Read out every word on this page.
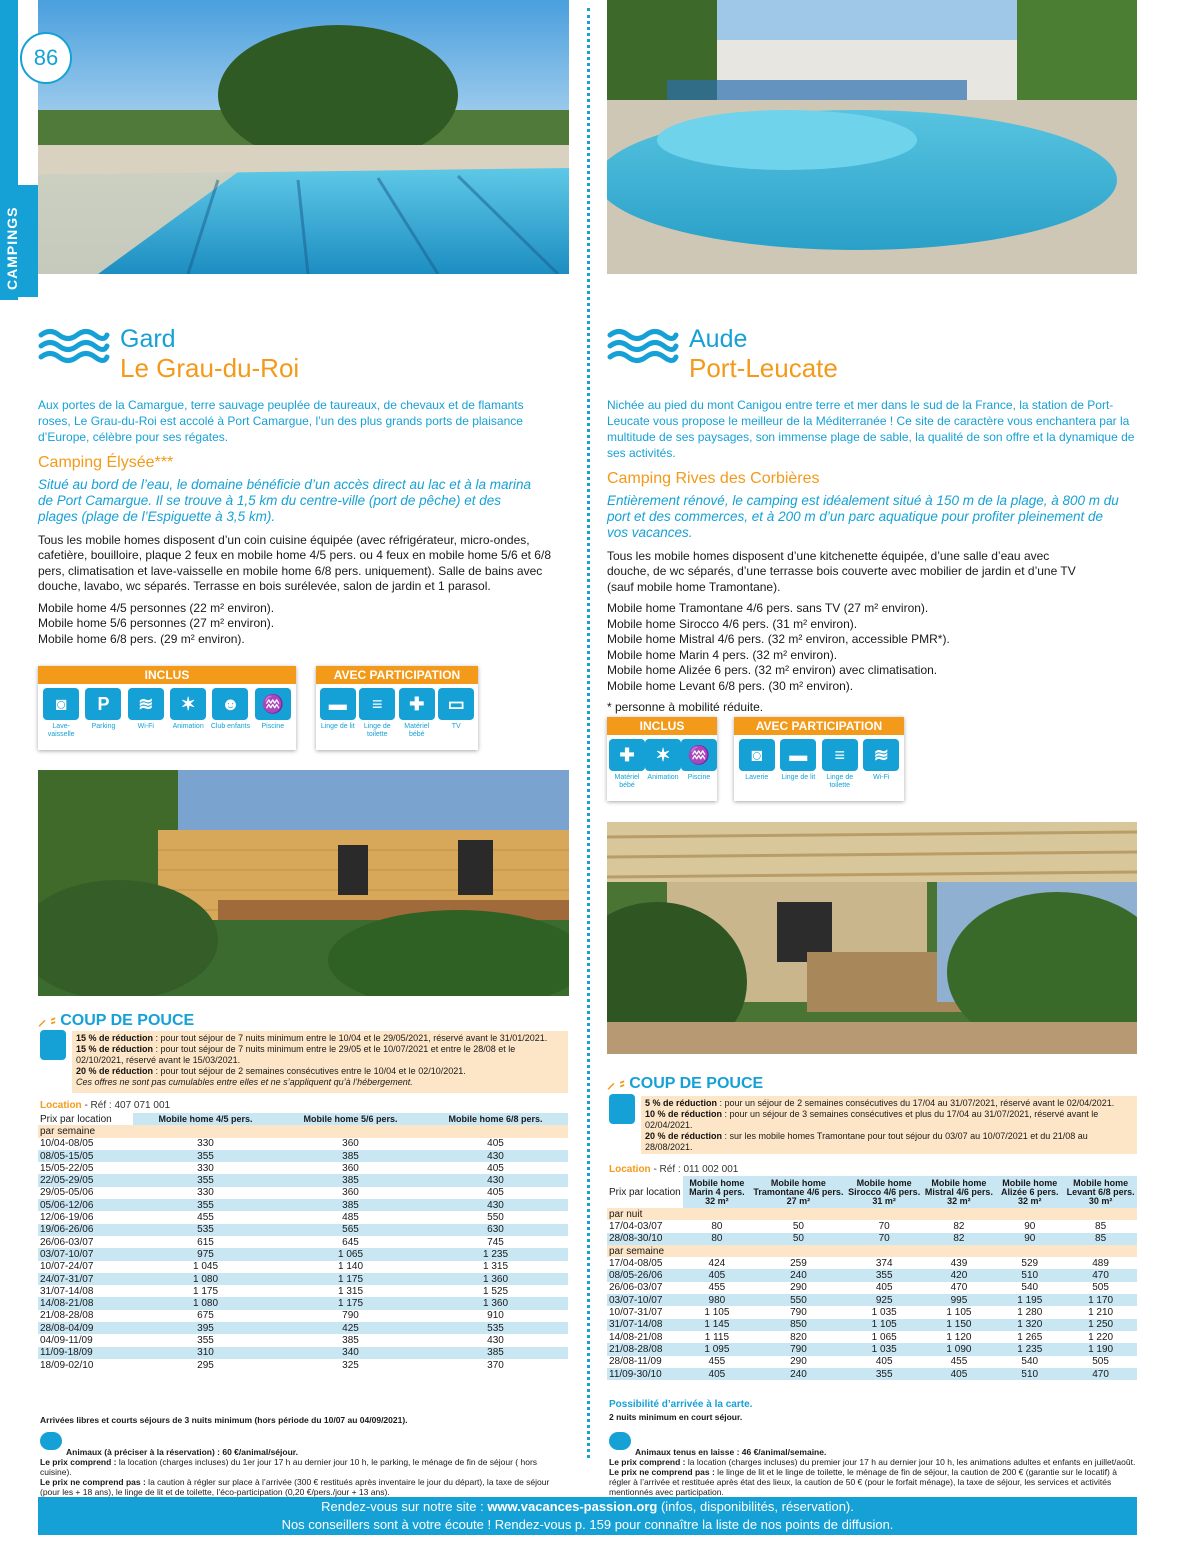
CAMPINGS
86
Gard
Le Grau-du-Roi
Aux portes de la Camargue, terre sauvage peuplée de taureaux, de chevaux et de flamants roses, Le Grau-du-Roi est accolé à Port Camargue, l’un des plus grands ports de plaisance d’Europe, célèbre pour ses régates.
Camping Élysée***
Situé au bord de l’eau, le domaine bénéficie d’un accès direct au lac et à la marina de Port Camargue. Il se trouve à 1,5 km du centre-ville (port de pêche) et des plages (plage de l’Espiguette à 3,5 km).

Tous les mobile homes disposent d’un coin cuisine équipée (avec réfrigérateur, micro-ondes, cafetière, bouilloire, plaque 2 feux en mobile home 4/5 pers. ou 4 feux en mobile home 5/6 et 6/8 pers, climatisation et lave-vaisselle en mobile home 6/8 pers. uniquement). Salle de bains avec douche, lavabo, wc séparés. Terrasse en bois surélevée, salon de jardin et 1 parasol.

Mobile home 4/5 personnes (22 m² environ).
Mobile home 5/6 personnes (27 m² environ).
Mobile home 6/8 pers. (29 m² environ).
INCLUS
◙
Lave-vaisselle
P
Parking
≋
Wi-Fi
✶
Animation
☻
Club enfants
♒
Piscine
AVEC PARTICIPATION
▬
Linge de lit
≡
Linge de toilette
✚
Matériel bébé
▭
TV
⸝ ⸗ COUP DE POUCE
15 % de réduction : pour tout séjour de 7 nuits minimum entre le 10/04 et le 29/05/2021, réservé avant le 31/01/2021.
15 % de réduction : pour tout séjour de 7 nuits minimum entre le 29/05 et le 10/07/2021 et entre le 28/08 et le 02/10/2021, réservé avant le 15/03/2021.
20 % de réduction : pour tout séjour de 2 semaines consécutives entre le 10/04 et le 02/10/2021.
Ces offres ne sont pas cumulables entre elles et ne s’appliquent qu’à l’hébergement.
Location - Réf : 407 071 001
Prix par location	Mobile home 4/5 pers.	Mobile home 5/6 pers.	Mobile home 6/8 pers.
par semaine			
10/04-08/05	330	360	405
08/05-15/05	355	385	430
15/05-22/05	330	360	405
22/05-29/05	355	385	430
29/05-05/06	330	360	405
05/06-12/06	355	385	430
12/06-19/06	455	485	550
19/06-26/06	535	565	630
26/06-03/07	615	645	745
03/07-10/07	975	1 065	1 235
10/07-24/07	1 045	1 140	1 315
24/07-31/07	1 080	1 175	1 360
31/07-14/08	1 175	1 315	1 525
14/08-21/08	1 080	1 175	1 360
21/08-28/08	675	790	910
28/08-04/09	395	425	535
04/09-11/09	355	385	430
11/09-18/09	310	340	385
18/09-02/10	295	325	370
Arrivées libres et courts séjours de 3 nuits minimum (hors période du 10/07 au 04/09/2021).
Animaux (à préciser à la réservation) : 60 €/animal/séjour.
Le prix comprend : la location (charges incluses) du 1er jour 17 h au dernier jour 10 h, le parking, le ménage de fin de séjour ( hors cuisine).
Le prix ne comprend pas : la caution à régler sur place à l’arrivée (300 € restitués après inventaire le jour du départ), la taxe de séjour (pour les + 18 ans), le linge de lit et de toilette, l’éco-participation (0,20 €/pers./jour + 13 ans).
Aude
Port-Leucate
Nichée au pied du mont Canigou entre terre et mer dans le sud de la France, la station de Port-Leucate vous propose le meilleur de la Méditerranée ! Ce site de caractère vous enchantera par la multitude de ses paysages, son immense plage de sable, la qualité de son offre et la dynamique de ses activités.
Camping Rives des Corbières
Entièrement rénové, le camping est idéalement situé à 150 m de la plage, à 800 m du port et des commerces, et à 200 m d’un parc aquatique pour profiter pleinement de vos vacances.

Tous les mobile homes disposent d’une kitchenette équipée, d’une salle d’eau avec douche, de wc séparés, d’une terrasse bois couverte avec mobilier de jardin et d’une TV (sauf mobile home Tramontane).

Mobile home Tramontane 4/6 pers. sans TV (27 m² environ).
Mobile home Sirocco 4/6 pers. (31 m² environ).
Mobile home Mistral 4/6 pers. (32 m² environ, accessible PMR*).
Mobile home Marin 4 pers. (32 m² environ).
Mobile home Alizée 6 pers. (32 m² environ) avec climatisation.
Mobile home Levant 6/8 pers. (30 m² environ).

* personne à mobilité réduite.

INCLUS
✚
Matériel bébé
✶
Animation
♒
Piscine
AVEC PARTICIPATION
◙
Laverie
▬
Linge de lit
≡
Linge de toilette
≋
Wi-Fi
⸝ ⸗ COUP DE POUCE
5 % de réduction : pour un séjour de 2 semaines consécutives du 17/04 au 31/07/2021, réservé avant le 02/04/2021.
10 % de réduction : pour un séjour de 3 semaines consécutives et plus du 17/04 au 31/07/2021, réservé avant le 02/04/2021.
20 % de réduction : sur les mobile homes Tramontane pour tout séjour du 03/07 au 10/07/2021 et du 21/08 au 28/08/2021.
Location - Réf : 011 002 001
Prix par location	Mobile home Marin 4 pers. 32 m²	Mobile home Tramontane 4/6 pers. 27 m²	Mobile home Sirocco 4/6 pers. 31 m²	Mobile home Mistral 4/6 pers. 32 m²	Mobile home Alizée 6 pers. 32 m²	Mobile home Levant 6/8 pers. 30 m²
par nuit						
17/04-03/07	80	50	70	82	90	85
28/08-30/10	80	50	70	82	90	85
par semaine						
17/04-08/05	424	259	374	439	529	489
08/05-26/06	405	240	355	420	510	470
26/06-03/07	455	290	405	470	540	505
03/07-10/07	980	550	925	995	1 195	1 170
10/07-31/07	1 105	790	1 035	1 105	1 280	1 210
31/07-14/08	1 145	850	1 105	1 150	1 320	1 250
14/08-21/08	1 115	820	1 065	1 120	1 265	1 220
21/08-28/08	1 095	790	1 035	1 090	1 235	1 190
28/08-11/09	455	290	405	455	540	505
11/09-30/10	405	240	355	405	510	470
Possibilité d’arrivée à la carte.
2 nuits minimum en court séjour.
Animaux tenus en laisse : 46 €/animal/semaine.
Le prix comprend : la location (charges incluses) du premier jour 17 h au dernier jour 10 h, les animations adultes et enfants en juillet/août.
Le prix ne comprend pas : le linge de lit et le linge de toilette, le ménage de fin de séjour, la caution de 200 € (garantie sur le locatif) à régler à l’arrivée et restituée après état des lieux, la caution de 50 € (pour le forfait ménage), la taxe de séjour, les services et activités mentionnés avec participation.
Rendez-vous sur notre site : www.vacances-passion.org (infos, disponibilités, réservation).
Nos conseillers sont à votre écoute ! Rendez-vous p. 159 pour connaître la liste de nos points de diffusion.
